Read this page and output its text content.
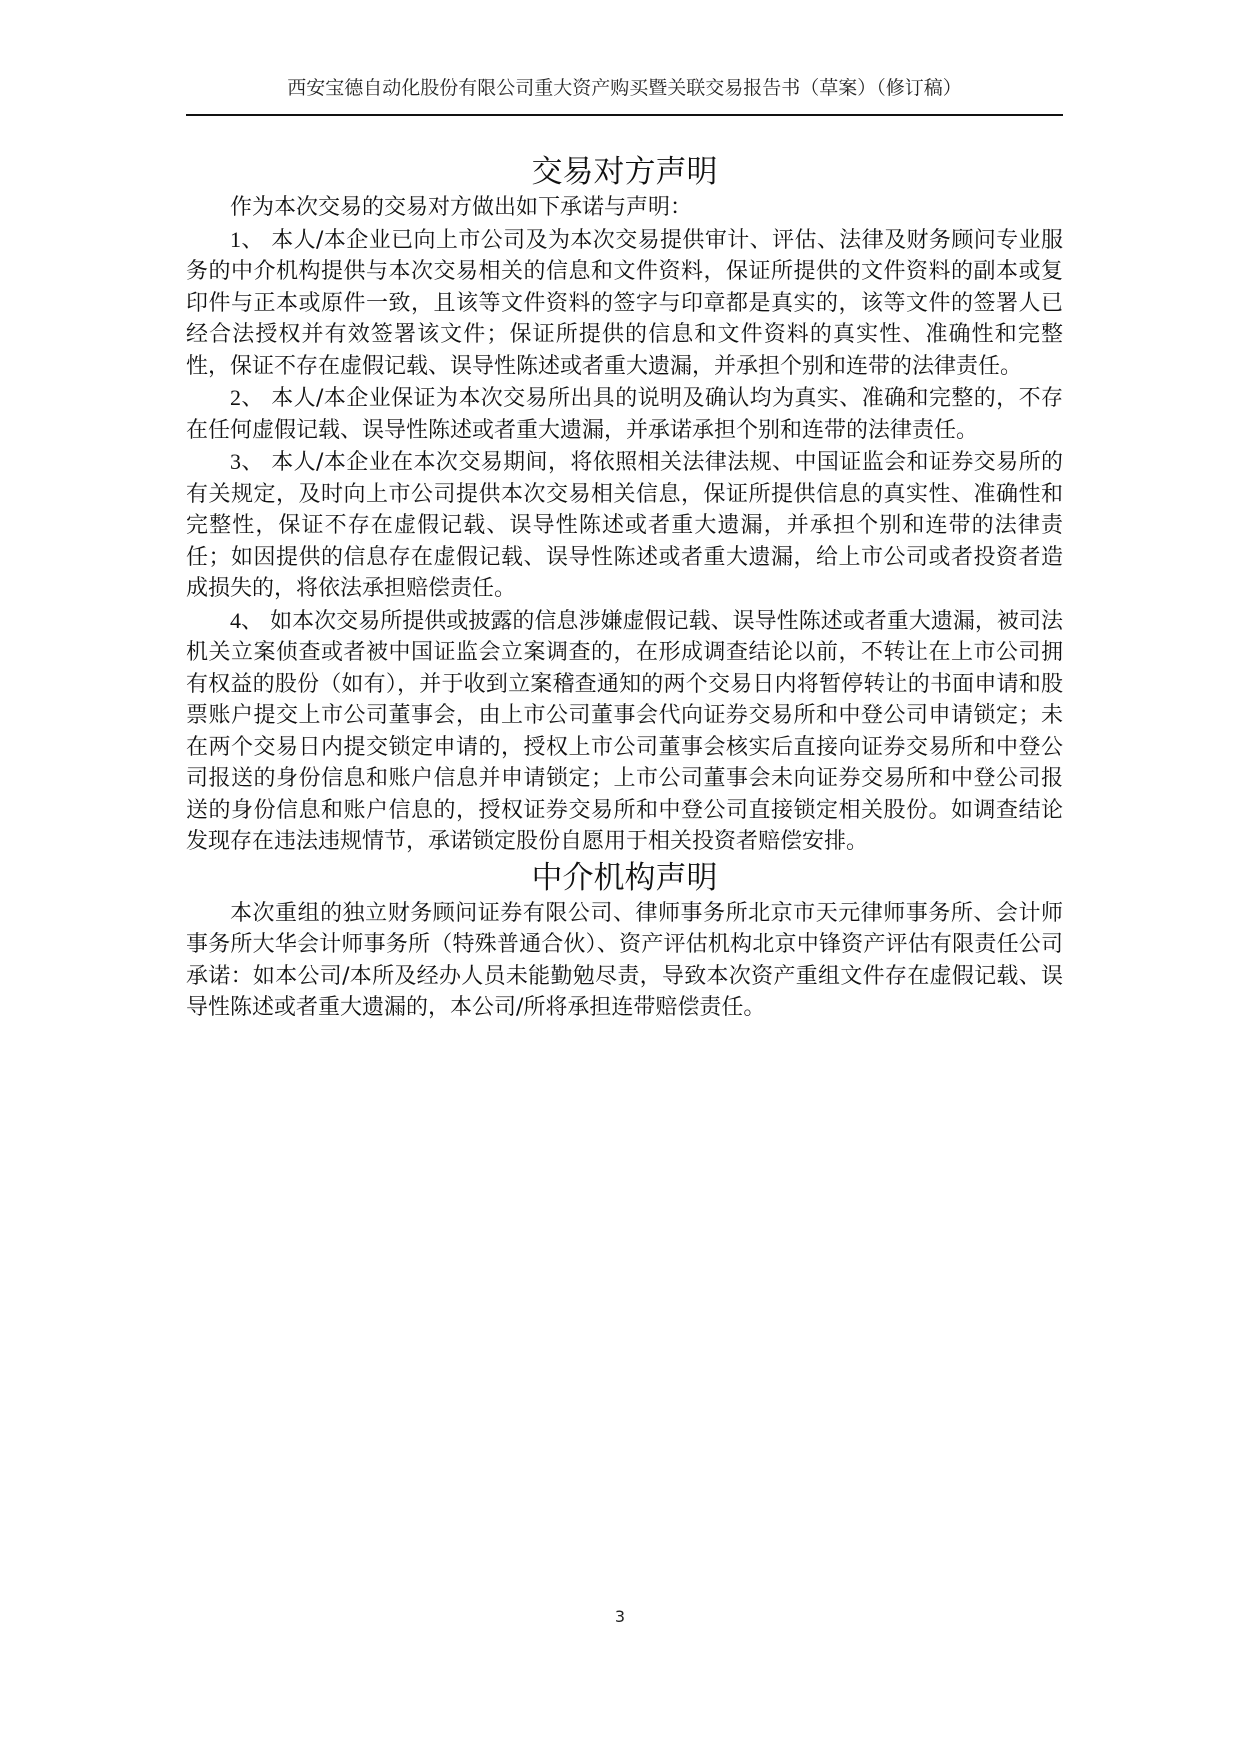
西安宝德自动化股份有限公司重大资产购买暨关联交易报告书（草案）（修订稿）
交易对方声明

作为本次交易的交易对方做出如下承诺与声明：

1、 本人/本企业已向上市公司及为本次交易提供审计、评估、法律及财务顾问专业服务的中介机构提供与本次交易相关的信息和文件资料，保证所提供的文件资料的副本或复印件与正本或原件一致，且该等文件资料的签字与印章都是真实的，该等文件的签署人已经合法授权并有效签署该文件；保证所提供的信息和文件资料的真实性、准确性和完整性，保证不存在虚假记载、误导性陈述或者重大遗漏，并承担个别和连带的法律责任。

2、 本人/本企业保证为本次交易所出具的说明及确认均为真实、准确和完整的，不存在任何虚假记载、误导性陈述或者重大遗漏，并承诺承担个别和连带的法律责任。

3、 本人/本企业在本次交易期间，将依照相关法律法规、中国证监会和证券交易所的有关规定，及时向上市公司提供本次交易相关信息，保证所提供信息的真实性、准确性和完整性，保证不存在虚假记载、误导性陈述或者重大遗漏，并承担个别和连带的法律责任；如因提供的信息存在虚假记载、误导性陈述或者重大遗漏，给上市公司或者投资者造成损失的，将依法承担赔偿责任。

4、 如本次交易所提供或披露的信息涉嫌虚假记载、误导性陈述或者重大遗漏，被司法机关立案侦查或者被中国证监会立案调查的，在形成调查结论以前，不转让在上市公司拥有权益的股份（如有），并于收到立案稽查通知的两个交易日内将暂停转让的书面申请和股票账户提交上市公司董事会，由上市公司董事会代向证券交易所和中登公司申请锁定；未在两个交易日内提交锁定申请的，授权上市公司董事会核实后直接向证券交易所和中登公司报送的身份信息和账户信息并申请锁定；上市公司董事会未向证券交易所和中登公司报送的身份信息和账户信息的，授权证券交易所和中登公司直接锁定相关股份。如调查结论发现存在违法违规情节，承诺锁定股份自愿用于相关投资者赔偿安排。

中介机构声明

本次重组的独立财务顾问证券有限公司、律师事务所北京市天元律师事务所、会计师事务所大华会计师事务所（特殊普通合伙）、资产评估机构北京中锋资产评估有限责任公司承诺：如本公司/本所及经办人员未能勤勉尽责，导致本次资产重组文件存在虚假记载、误导性陈述或者重大遗漏的，本公司/所将承担连带赔偿责任。

3
